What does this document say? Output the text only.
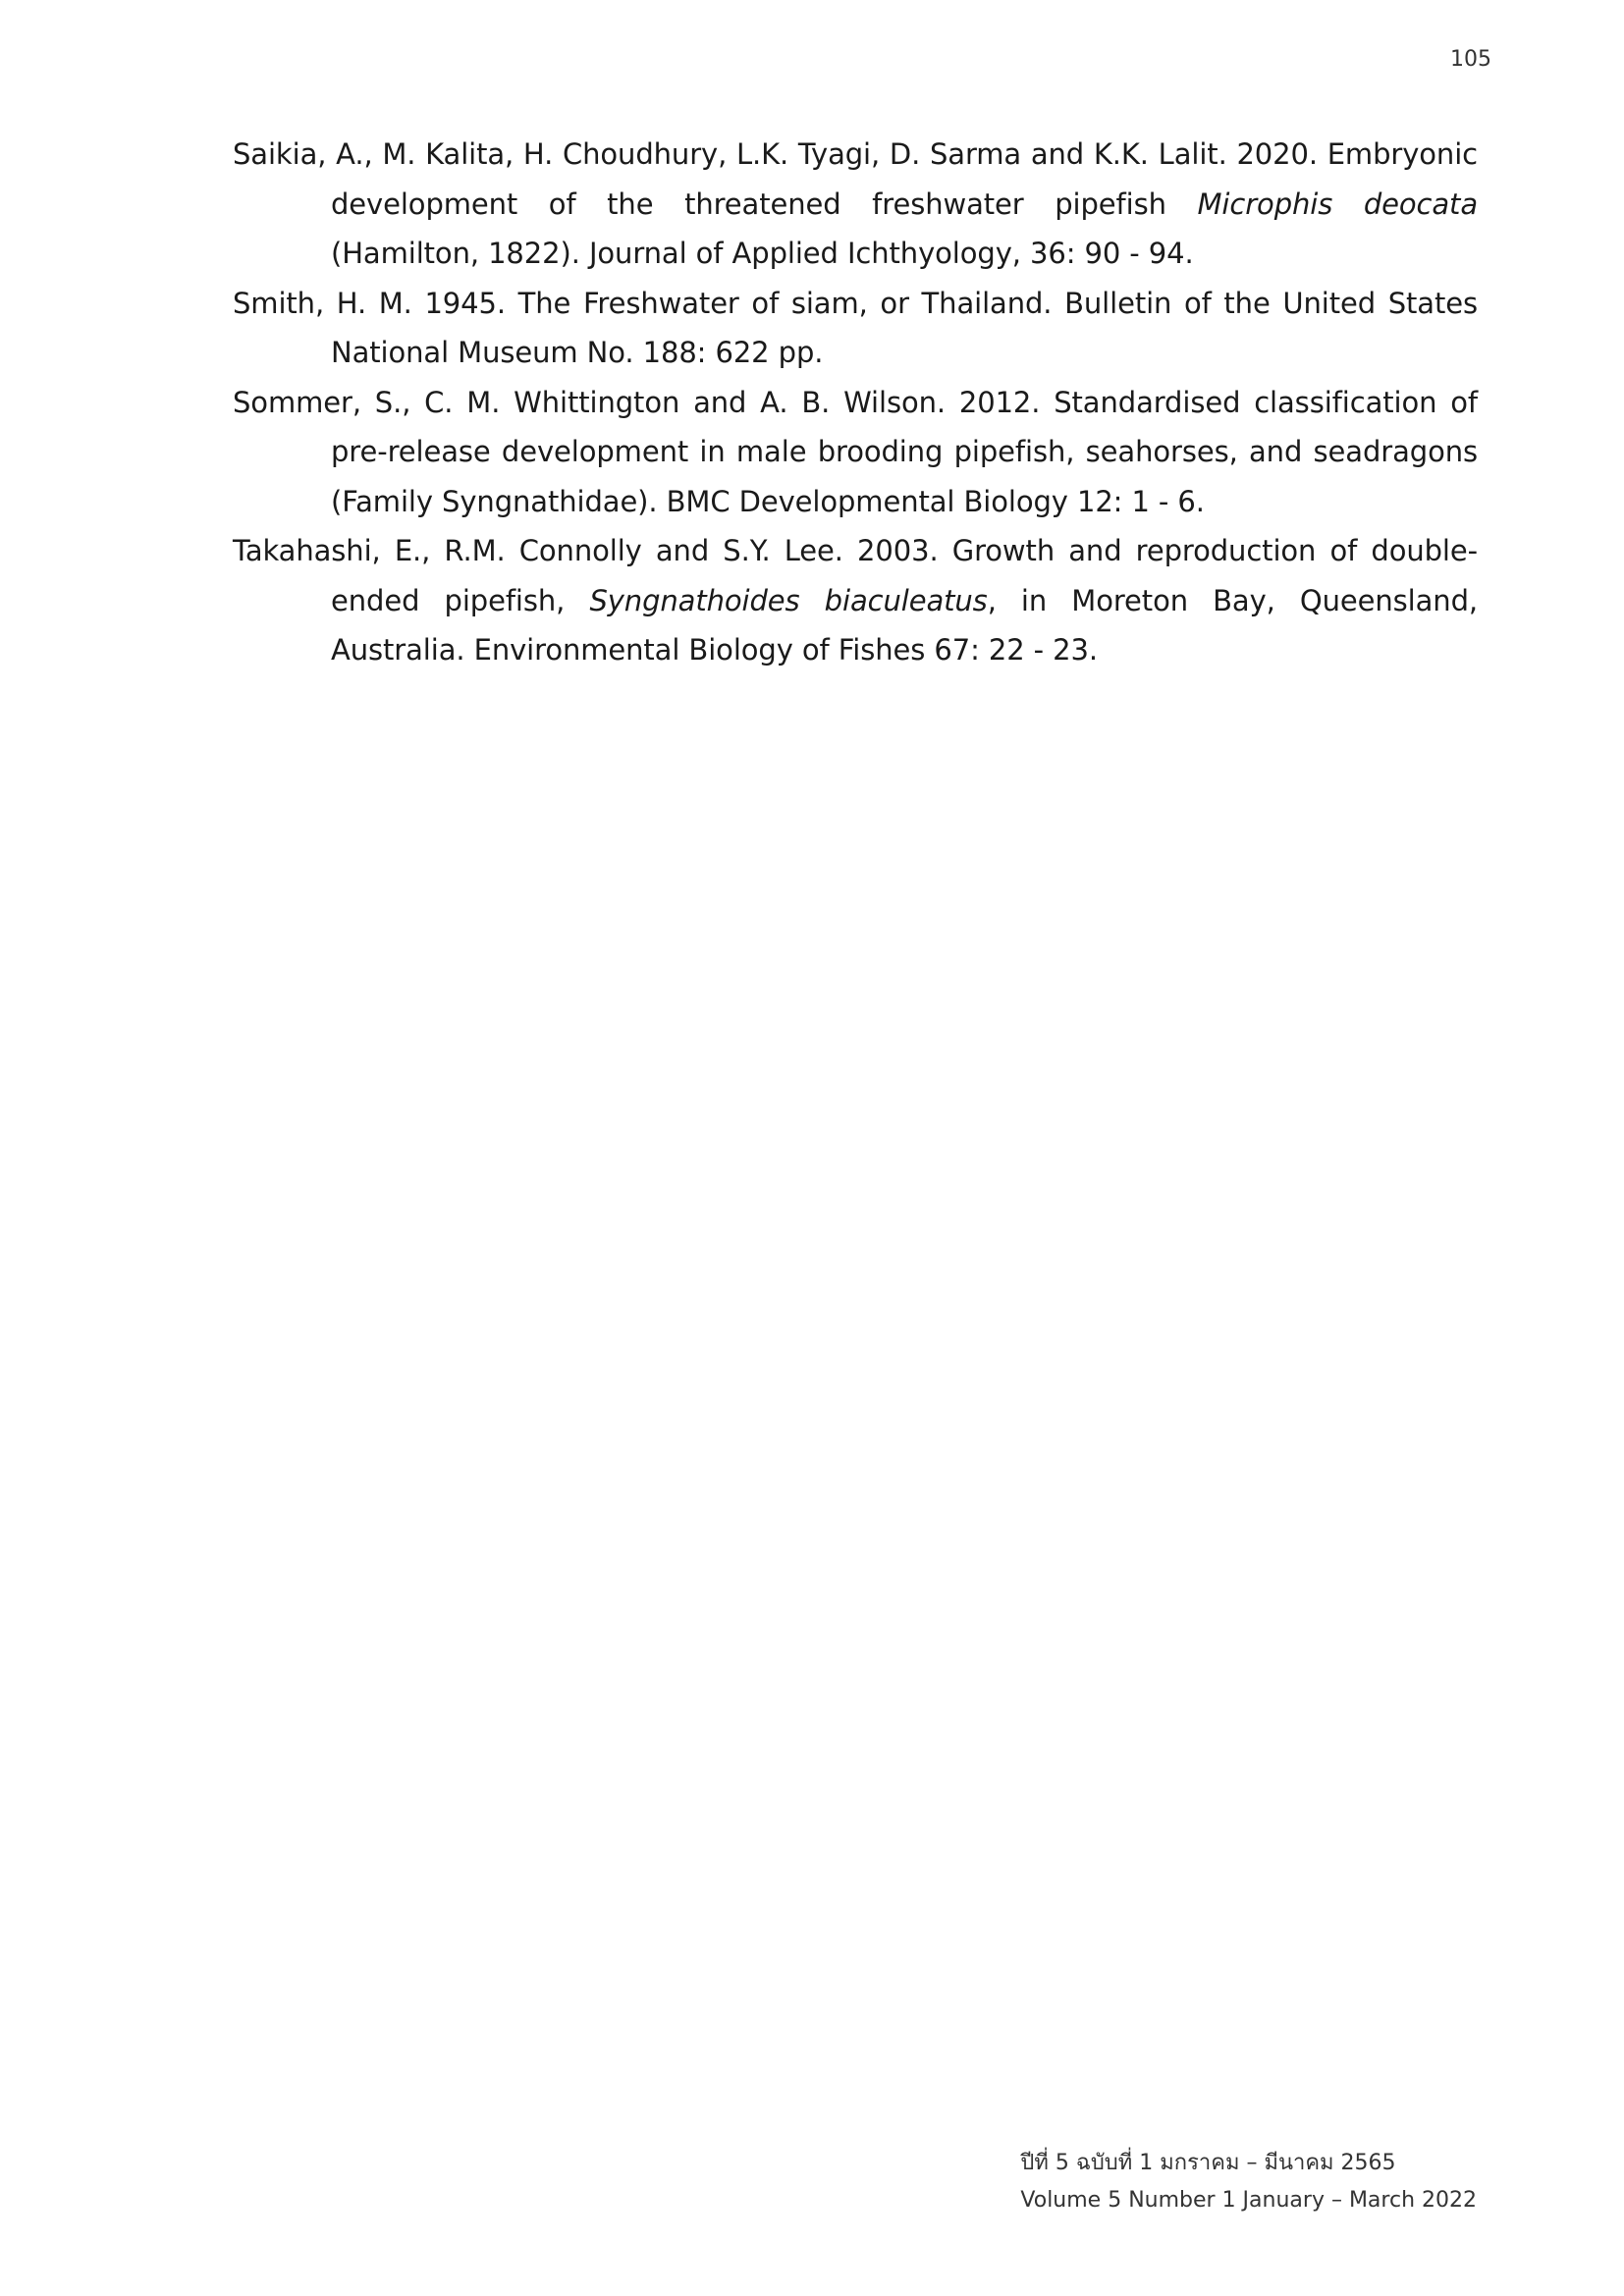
105

Saikia, A., M. Kalita, H. Choudhury, L.K. Tyagi, D. Sarma and K.K. Lalit. 2020. Embryonic development of the threatened freshwater pipefish Microphis deocata (Hamilton, 1822). Journal of Applied Ichthyology, 36: 90 - 94.

Smith, H. M. 1945. The Freshwater of siam, or Thailand. Bulletin of the United States National Museum No. 188: 622 pp.

Sommer, S., C. M. Whittington and A. B. Wilson. 2012. Standardised classification of pre-release development in male brooding pipefish, seahorses, and seadragons (Family Syngnathidae). BMC Developmental Biology 12: 1 - 6.

Takahashi, E., R.M. Connolly and S.Y. Lee. 2003. Growth and reproduction of double-ended pipefish, Syngnathoides biaculeatus, in Moreton Bay, Queensland, Australia. Environmental Biology of Fishes 67: 22 - 23.

ปีที่ 5 ฉบับที่ 1 มกราคม – มีนาคม 2565
Volume 5 Number 1 January – March 2022
